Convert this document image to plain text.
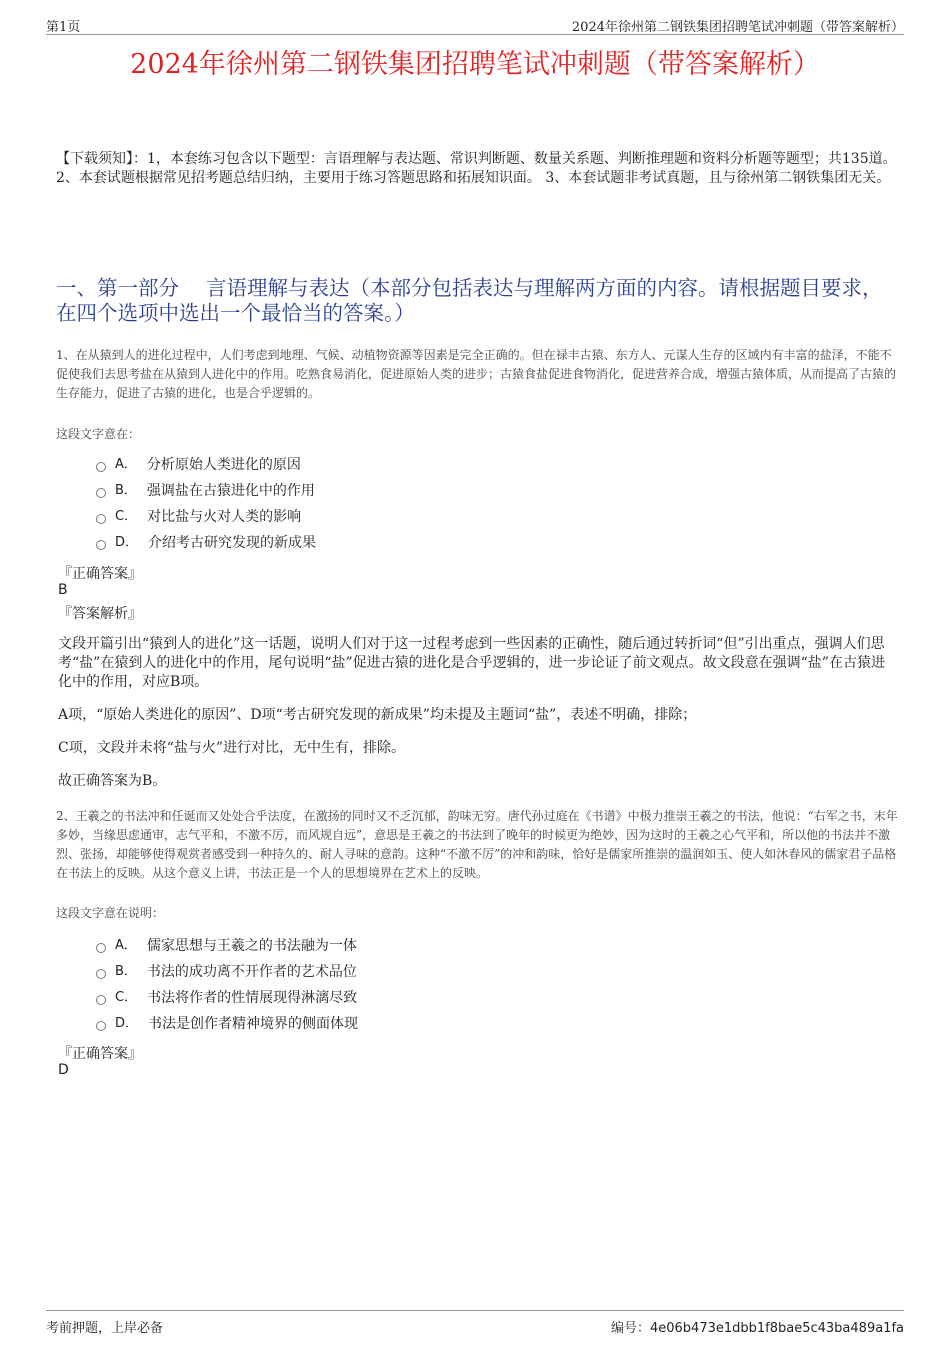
第1页	2024年徐州第二钢铁集团招聘笔试冲刺题（带答案解析）
2024年徐州第二钢铁集团招聘笔试冲刺题（带答案解析）
【下载须知】：1，本套练习包含以下题型：言语理解与表达题、常识判断题、数量关系题、判断推理题和资料分析题等题型；共135道。 2、本套试题根据常见招考题总结归纳，主要用于练习答题思路和拓展知识面。 3、本套试题非考试真题，且与徐州第二钢铁集团无关。
一、第一部分　 言语理解与表达（本部分包括表达与理解两方面的内容。请根据题目要求，在四个选项中选出一个最恰当的答案。）
1、在从猿到人的进化过程中，人们考虑到地理、气候、动植物资源等因素是完全正确的。但在禄丰古猿、东方人、元谋人生存的区域内有丰富的盐泽，不能不促使我们去思考盐在从猿到人进化中的作用。吃熟食易消化，促进原始人类的进步；古猿食盐促进食物消化，促进营养合成，增强古猿体质，从而提高了古猿的生存能力，促进了古猿的进化，也是合乎逻辑的。
这段文字意在：
A． 分析原始人类进化的原因
B． 强调盐在古猿进化中的作用
C． 对比盐与火对人类的影响
D． 介绍考古研究发现的新成果
『正确答案』
B
『答案解析』
文段开篇引出“猿到人的进化”这一话题，说明人们对于这一过程考虑到一些因素的正确性，随后通过转折词“但”引出重点，强调人们思考“盐”在猿到人的进化中的作用，尾句说明“盐”促进古猿的进化是合乎逻辑的，进一步论证了前文观点。故文段意在强调“盐”在古猿进化中的作用，对应B项。
A项，“原始人类进化的原因”、D项“考古研究发现的新成果”均未提及主题词“盐”，表述不明确，排除；
C项，文段并未将“盐与火”进行对比，无中生有，排除。
故正确答案为B。
2、王羲之的书法冲和任诞而又处处合乎法度，在激扬的同时又不乏沉郁，韵味无穷。唐代孙过庭在《书谱》中极力推崇王羲之的书法，他说：“右军之书，末年多妙，当缘思虑通审，志气平和，不激不厉，而风规自远”，意思是王羲之的书法到了晚年的时候更为绝妙，因为这时的王羲之心气平和，所以他的书法并不激烈、张扬，却能够使得观赏者感受到一种持久的、耐人寻味的意韵。这种“不激不厉”的冲和韵味，恰好是儒家所推崇的温润如玉、使人如沐春风的儒家君子品格在书法上的反映。从这个意义上讲，书法正是一个人的思想境界在艺术上的反映。
这段文字意在说明：
A． 儒家思想与王羲之的书法融为一体
B． 书法的成功离不开作者的艺术品位
C． 书法将作者的性情展现得淋漓尽致
D． 书法是创作者精神境界的侧面体现
『正确答案』
D
考前押题，上岸必备	编号：4e06b473e1dbb1f8bae5c43ba489a1fa
